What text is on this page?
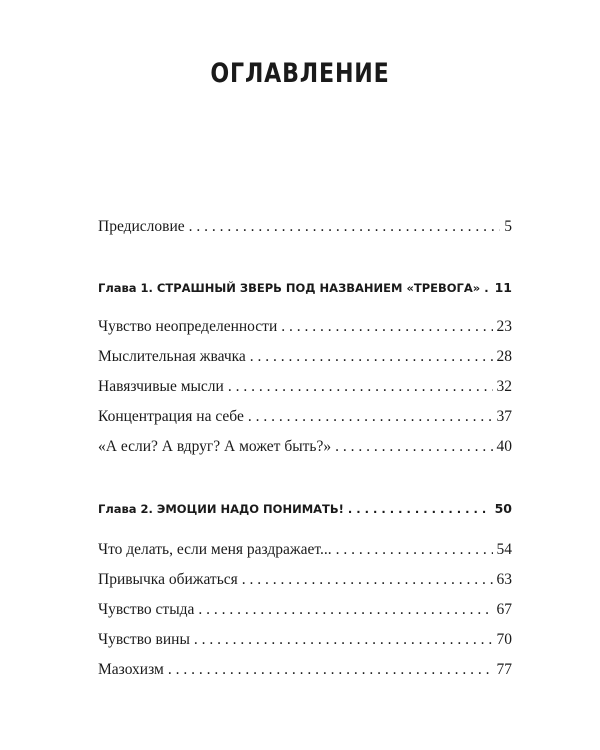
ОГЛАВЛЕНИЕ
Предисловие . . .	5
Глава 1. СТРАШНЫЙ ЗВЕРЬ ПОД НАЗВАНИЕМ «ТРЕВОГА» . . . 11
Чувство неопределенности . . .	23
Мыслительная жвачка . . .	28
Навязчивые мысли . . .	32
Концентрация на себе . . .	37
«А если? А вдруг? А может быть?» . . .	40
Глава 2. ЭМОЦИИ НАДО ПОНИМАТЬ! . . .	50
Что делать, если меня раздражает... . . .	54
Привычка обижаться . . .	63
Чувство стыда . . .	67
Чувство вины . . .	70
Мазохизм . . .	77
